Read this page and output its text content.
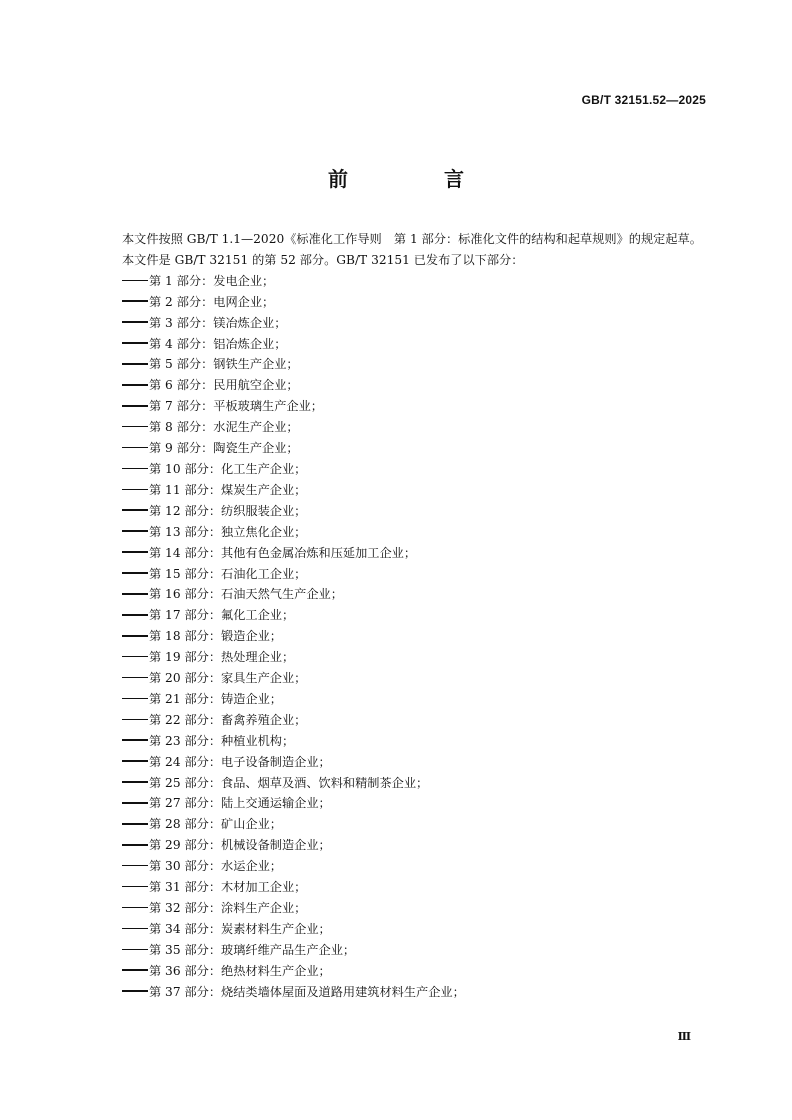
GB/T 32151.52—2025
前　言

本文件按照 GB/T 1.1—2020《标准化工作导则　第 1 部分：标准化文件的结构和起草规则》的规定起草。

本文件是 GB/T 32151 的第 52 部分。GB/T 32151 已发布了以下部分：

第 1 部分：发电企业；
第 2 部分：电网企业；
第 3 部分：镁冶炼企业；
第 4 部分：铝冶炼企业；
第 5 部分：钢铁生产企业；
第 6 部分：民用航空企业；
第 7 部分：平板玻璃生产企业；
第 8 部分：水泥生产企业；
第 9 部分：陶瓷生产企业；
第 10 部分：化工生产企业；
第 11 部分：煤炭生产企业；
第 12 部分：纺织服装企业；
第 13 部分：独立焦化企业；
第 14 部分：其他有色金属冶炼和压延加工企业；
第 15 部分：石油化工企业；
第 16 部分：石油天然气生产企业；
第 17 部分：氟化工企业；
第 18 部分：锻造企业；
第 19 部分：热处理企业；
第 20 部分：家具生产企业；
第 21 部分：铸造企业；
第 22 部分：畜禽养殖企业；
第 23 部分：种植业机构；
第 24 部分：电子设备制造企业；
第 25 部分：食品、烟草及酒、饮料和精制茶企业；
第 27 部分：陆上交通运输企业；
第 28 部分：矿山企业；
第 29 部分：机械设备制造企业；
第 30 部分：水运企业；
第 31 部分：木材加工企业；
第 32 部分：涂料生产企业；
第 34 部分：炭素材料生产企业；
第 35 部分：玻璃纤维产品生产企业；
第 36 部分：绝热材料生产企业；
第 37 部分：烧结类墙体屋面及道路用建筑材料生产企业；
Ⅲ
